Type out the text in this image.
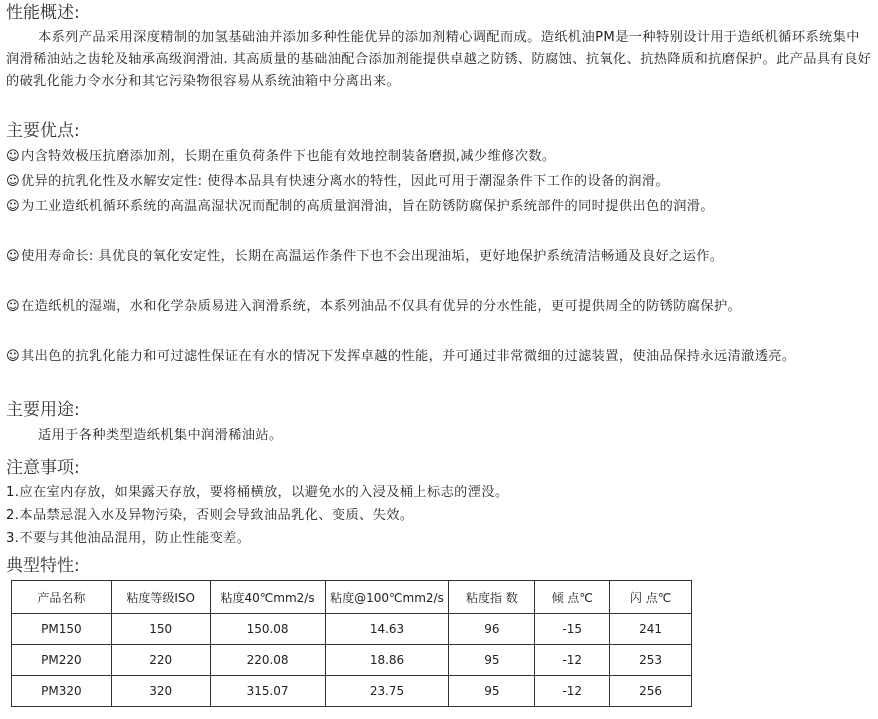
性能概述:
本系列产品采用深度精制的加氢基础油并添加多种性能优异的添加剂精心调配而成。造纸机油PM是一种特别设计用于造纸机循环系统集中润滑稀油站之齿轮及轴承高级润滑油. 其高质量的基础油配合添加剂能提供卓越之防锈、防腐蚀、抗氧化、抗热降质和抗磨保护。此产品具有良好的破乳化能力令水分和其它污染物很容易从系统油箱中分离出来。
主要优点:
☺内含特效极压抗磨添加剂，长期在重负荷条件下也能有效地控制装备磨损,减少维修次数。
☺优异的抗乳化性及水解安定性: 使得本品具有快速分离水的特性，因此可用于潮湿条件下工作的设备的润滑。
☺为工业造纸机循环系统的高温高湿状况而配制的高质量润滑油，旨在防锈防腐保护系统部件的同时提供出色的润滑。
☺使用寿命长: 具优良的氧化安定性，长期在高温运作条件下也不会出现油垢，更好地保护系统清洁畅通及良好之运作。
☺在造纸机的湿端，水和化学杂质易进入润滑系统，本系列油品不仅具有优异的分水性能，更可提供周全的防锈防腐保护。
☺其出色的抗乳化能力和可过滤性保证在有水的情况下发挥卓越的性能，并可通过非常微细的过滤装置，使油品保持永远清澈透亮。
主要用途:
适用于各种类型造纸机集中润滑稀油站。
注意事项:
1.应在室内存放，如果露天存放，要将桶横放，以避免水的入浸及桶上标志的湮没。
2.本品禁忌混入水及异物污染，否则会导致油品乳化、变质、失效。
3.不要与其他油品混用，防止性能变差。
典型特性:
产品名称	粘度等级ISO	粘度40℃mm2/s	粘度@100℃mm2/s	粘度指 数	倾 点℃	闪 点℃
PM150	150	150.08	14.63	96	-15	241
PM220	220	220.08	18.86	95	-12	253
PM320	320	315.07	23.75	95	-12	256
